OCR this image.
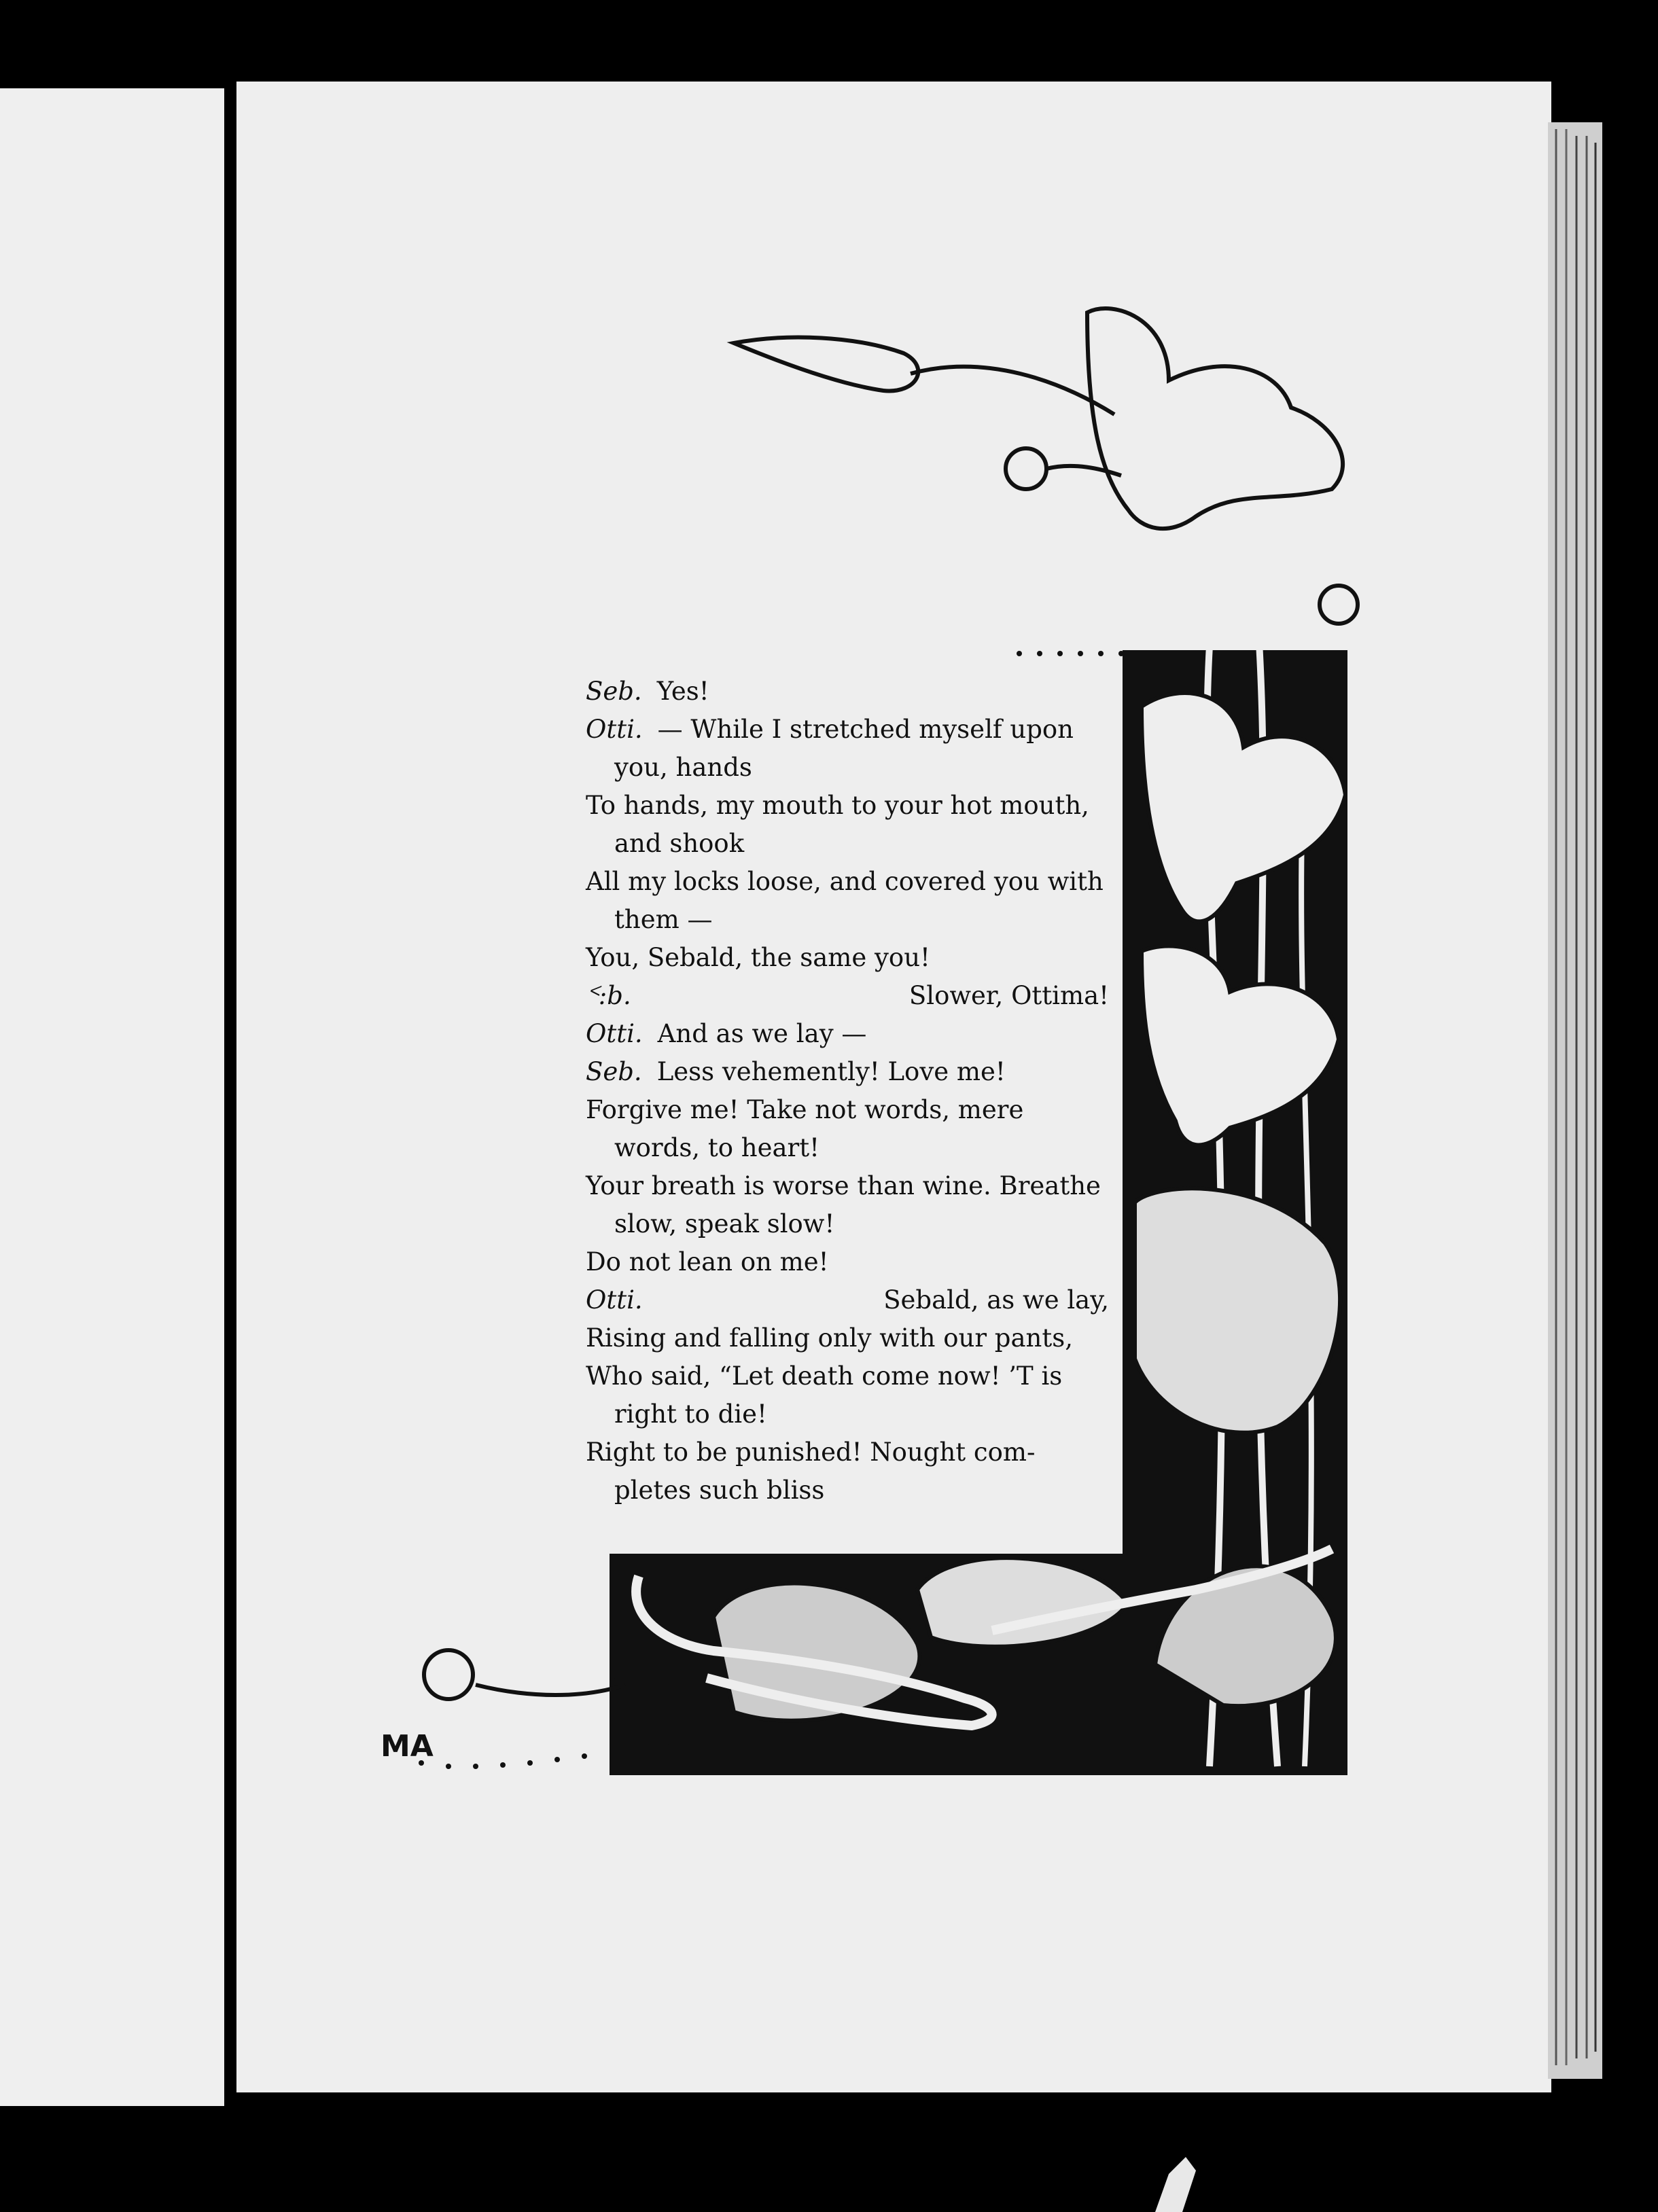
MA
Seb. Yes!
Otti. — While I stretched myself upon
you, hands
To hands, my mouth to your hot mouth,
and shook
All my locks loose, and covered you with
them —
You, Sebald, the same you!
ᑉ:b.	Slower, Ottima!
Otti. And as we lay —
Seb. Less vehemently! Love me!
Forgive me! Take not words, mere
words, to heart!
Your breath is worse than wine. Breathe
slow, speak slow!
Do not lean on me!
Otti.	Sebald, as we lay,
Rising and falling only with our pants,
Who said, “Let death come now! ’T is
right to die!
Right to be punished! Nought com-
pletes such bliss
